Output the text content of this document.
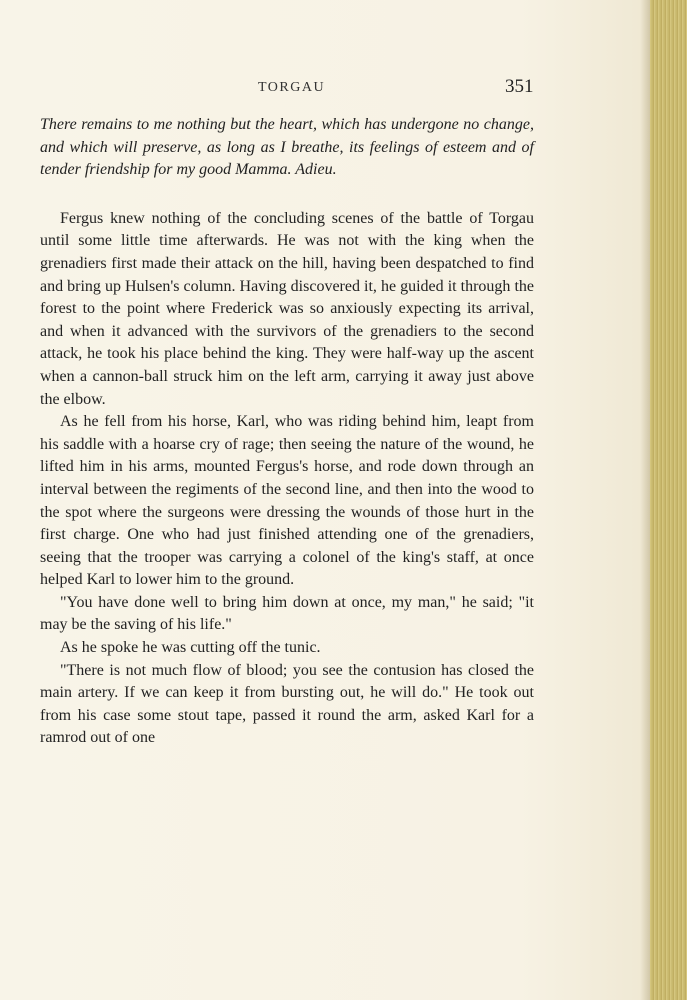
TORGAU	351

There remains to me nothing but the heart, which has undergone no change, and which will preserve, as long as I breathe, its feelings of esteem and of tender friendship for my good Mamma. Adieu.

Fergus knew nothing of the concluding scenes of the battle of Torgau until some little time afterwards. He was not with the king when the grenadiers first made their attack on the hill, having been despatched to find and bring up Hulsen's column. Having discovered it, he guided it through the forest to the point where Frederick was so anxiously expecting its arrival, and when it advanced with the survivors of the grenadiers to the second attack, he took his place behind the king. They were half-way up the ascent when a cannon-ball struck him on the left arm, carrying it away just above the elbow.

As he fell from his horse, Karl, who was riding behind him, leapt from his saddle with a hoarse cry of rage; then seeing the nature of the wound, he lifted him in his arms, mounted Fergus's horse, and rode down through an interval between the regiments of the second line, and then into the wood to the spot where the surgeons were dressing the wounds of those hurt in the first charge. One who had just finished attending one of the grenadiers, seeing that the trooper was carrying a colonel of the king's staff, at once helped Karl to lower him to the ground.

"You have done well to bring him down at once, my man," he said; "it may be the saving of his life."

As he spoke he was cutting off the tunic.

"There is not much flow of blood; you see the contusion has closed the main artery. If we can keep it from bursting out, he will do." He took out from his case some stout tape, passed it round the arm, asked Karl for a ramrod out of one
